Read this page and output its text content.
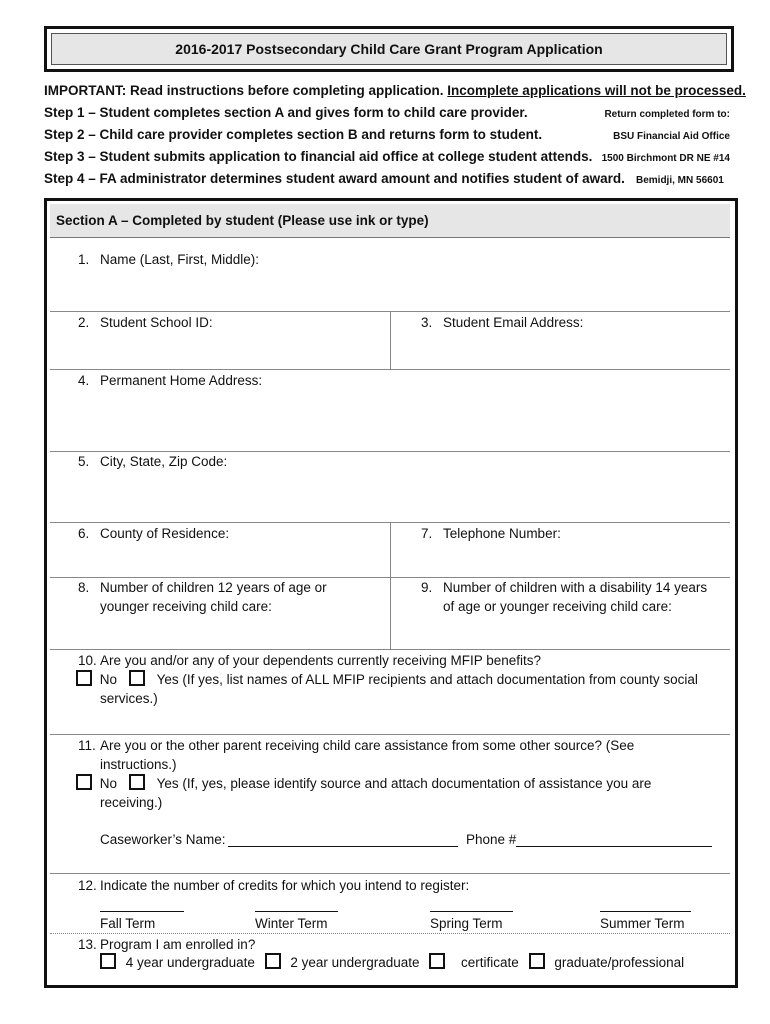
2016-2017 Postsecondary Child Care Grant Program Application
IMPORTANT: Read instructions before completing application. Incomplete applications will not be processed.
Step 1 – Student completes section A and gives form to child care provider.
Step 2 – Child care provider completes section B and returns form to student.
Step 3 – Student submits application to financial aid office at college student attends.
Step 4 – FA administrator determines student award amount and notifies student of award.
Return completed form to:
BSU Financial Aid Office
1500 Birchmont DR NE #14
Bemidji, MN 56601
Section A – Completed by student (Please use ink or type)
1. Name (Last, First, Middle):
2. Student School ID:	3. Student Email Address:
4. Permanent Home Address:
5. City, State, Zip Code:
6. County of Residence:	7. Telephone Number:
8. Number of children 12 years of age or
younger receiving child care:
9. Number of children with a disability 14 years
of age or younger receiving child care:
10. Are you and/or any of your dependents currently receiving MFIP benefits?
No	Yes (If yes, list names of ALL MFIP recipients and attach documentation from county social
services.)
11. Are you or the other parent receiving child care assistance from some other source? (See
instructions.)
No	Yes (If, yes, please identify source and attach documentation of assistance you are
receiving.)
Caseworker’s Name:	Phone #
12. Indicate the number of credits for which you intend to register:
Fall Term	Winter Term	Spring Term	Summer Term
13. Program I am enrolled in?
4 year undergraduate	2 year undergraduate	certificate	graduate/professional
